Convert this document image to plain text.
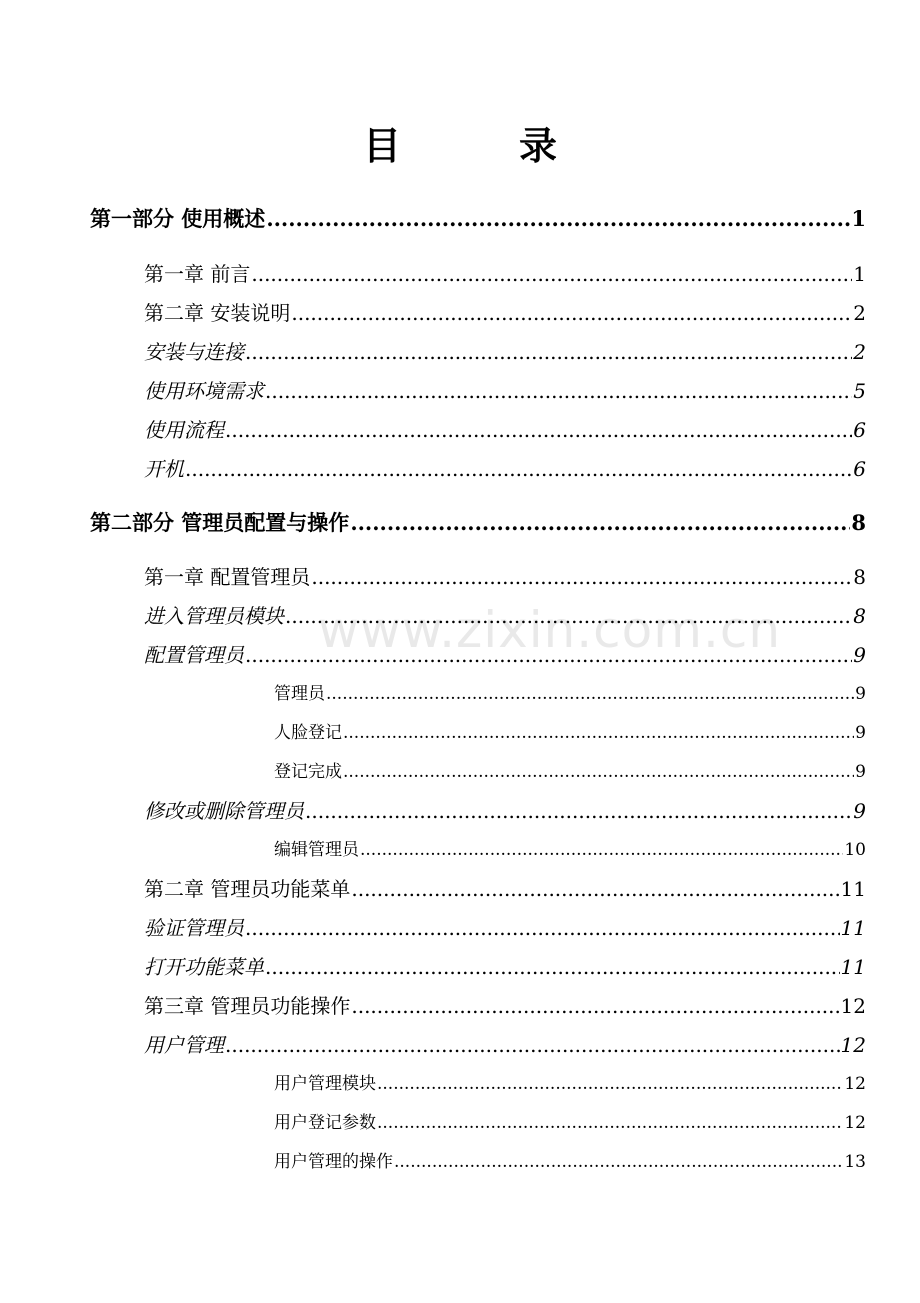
目　录
www.zixin.com.cn
第一部分 使用概述 .....	1
第一章 前言 .....	1
第二章 安装说明 .....	2
安装与连接 .....	2
使用环境需求 .....	5
使用流程 .....	6
开机 .....	6
第二部分 管理员配置与操作 .....	8
第一章 配置管理员 .....	8
进入管理员模块 .....	8
配置管理员 .....	9
管理员 .....	9
人脸登记 .....	9
登记完成 .....	9
修改或删除管理员 .....	9
编辑管理员 .....	10
第二章 管理员功能菜单 .....	11
验证管理员 .....	11
打开功能菜单 .....	11
第三章 管理员功能操作 .....	12
用户管理 .....	12
用户管理模块 .....	12
用户登记参数 .....	12
用户管理的操作 .....	13
